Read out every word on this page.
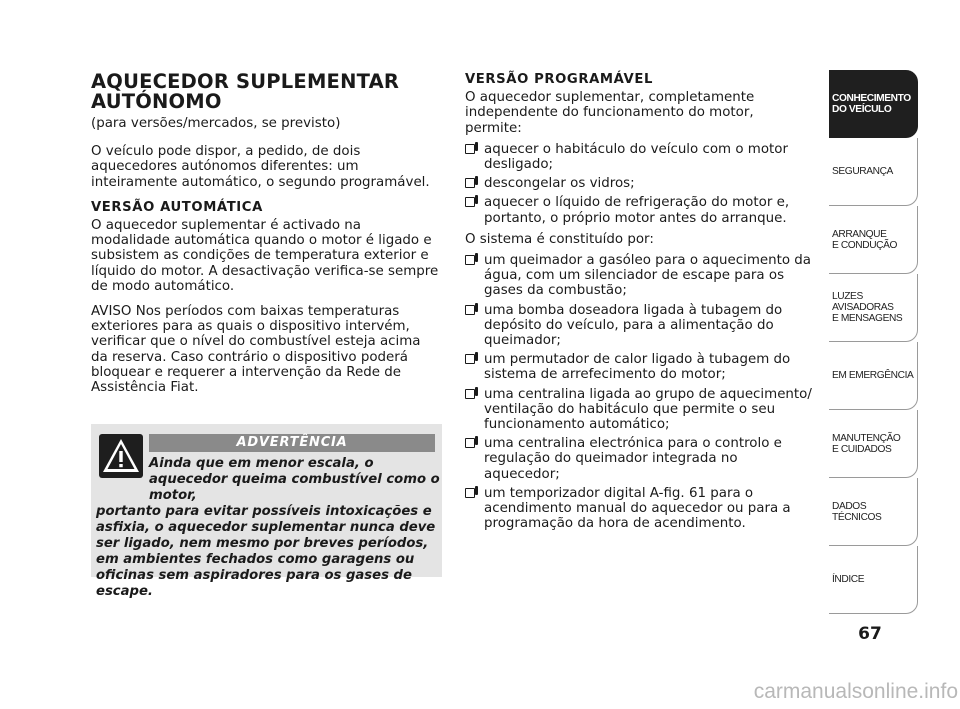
AQUECEDOR SUPLEMENTAR
AUTÓNOMO
(para versões/mercados, se previsto)

O veículo pode dispor, a pedido, de dois aquecedores autónomos diferentes: um inteiramente automático, o segundo programável.

VERSÃO AUTOMÁTICA

O aquecedor suplementar é activado na modalidade automática quando o motor é ligado e subsistem as condições de temperatura exterior e líquido do motor. A desactivação verifica-se sempre de modo automático.

AVISO Nos períodos com baixas temperaturas exteriores para as quais o dispositivo intervém, verificar que o nível do combustível esteja acima da reserva. Caso contrário o dispositivo poderá bloquear e requerer a intervenção da Rede de Assistência Fiat.

ADVERTÊNCIA
Ainda que em menor escala, o aquecedor queima combustível como o motor,
portanto para evitar possíveis intoxicações e asfixia, o aquecedor suplementar nunca deve ser ligado, nem mesmo por breves períodos, em ambientes fechados como garagens ou oficinas sem aspiradores para os gases de escape.
VERSÃO PROGRAMÁVEL

O aquecedor suplementar, completamente independente do funcionamento do motor, permite:

aquecer o habitáculo do veículo com o motor desligado;
descongelar os vidros;
aquecer o líquido de refrigeração do motor e, portanto, o próprio motor antes do arranque.

O sistema é constituído por:

um queimador a gasóleo para o aquecimento da água, com um silenciador de escape para os gases da combustão;
uma bomba doseadora ligada à tubagem do depósito do veículo, para a alimentação do queimador;
um permutador de calor ligado à tubagem do sistema de arrefecimento do motor;
uma centralina ligada ao grupo de aquecimento/ ventilação do habitáculo que permite o seu funcionamento automático;
uma centralina electrónica para o controlo e regulação do queimador integrada no aquecedor;
um temporizador digital A-fig. 61 para o acendimento manual do aquecedor ou para a programação da hora de acendimento.
CONHECIMENTO
DO VEÍCULO
SEGURANÇA
ARRANQUE
E CONDUÇÃO
LUZES
AVISADORAS
E MENSAGENS
EM EMERGÊNCIA
MANUTENÇÃO
E CUIDADOS
DADOS
TÉCNICOS
ÍNDICE
67
carmanualsonline.info
